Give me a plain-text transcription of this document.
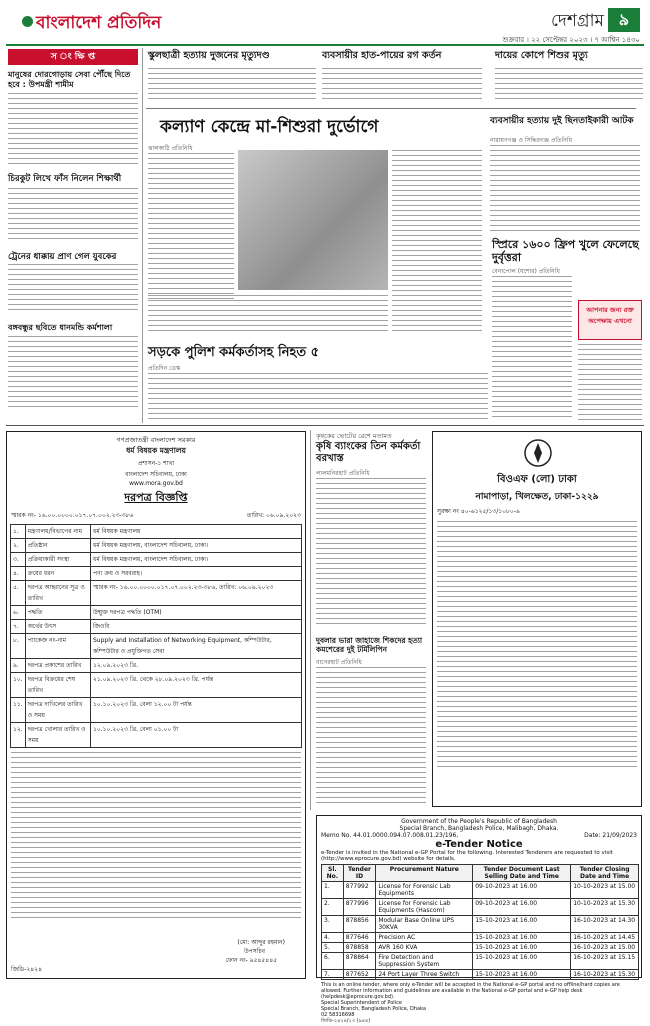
বাংলাদেশ প্রতিদিন	দেশগ্রাম ৯
শুক্রবার । ২২ সেপ্টেম্বর ২০২৩ । ৭ আশ্বিন ১৪৩০
স ং ক্ষি প্ত	স্কুলছাত্রী হত্যায় দুজনের মৃত্যুদণ্ড	ব্যবসায়ীর হাত-পায়ের রগ কর্তন	দায়ের কোপে শিশুর মৃত্যু
মানুষের দোরগোড়ায় সেবা পৌঁছে দিতে হবে : উপমন্ত্রী শামীম
চিরকুট লিখে ফাঁস নিলেন শিক্ষার্থী
ট্রেনের ধাক্কায় প্রাণ গেল যুবকের
বঙ্গবন্ধুর ছবিতে ধানমন্ডি কর্মশালা
কল্যাণ কেন্দ্রে মা-শিশুরা দুর্ভোগে
ঝালকাঠি প্রতিনিধি
ব্যবসায়ীর হত্যায় দুই ছিনতাইকারী আটক
নারায়ণগঞ্জ ও সিদ্ধিরগঞ্জ প্রতিনিধি
স্প্রিরে ১৬০০ ফ্রিপ খুলে ফেলেছে দুর্বৃত্তরা
বেনাপোল (যশোর) প্রতিনিধি
আপনার জন্য রক্ত অপেক্ষায় এখনো
সড়কে পুলিশ কর্মকর্তাসহ নিহত ৫
প্রতিদিন ডেস্ক
গণপ্রজাতন্ত্রী বাংলাদেশ সরকার
ধর্ম বিষয়ক মন্ত্রণালয়
প্রশাসন-১ শাখা
বাংলাদেশ সচিবালয়, ঢাকা
www.mora.gov.bd
দরপত্র বিজ্ঞপ্তি
স্মারক নং- ১৬.০০.০০০০.০১৭.০৭.০০২.২৩-৩৮৬	তারিখ: ০৬.০৯.২০২৩
১.	মন্ত্রণালয়/বিভাগের নাম	ধর্ম বিষয়ক মন্ত্রণালয়
২.	প্রতিষ্ঠান	ধর্ম বিষয়ক মন্ত্রণালয়, বাংলাদেশ সচিবালয়, ঢাকা।
৩.	প্রক্রিয়াকারী সংস্থা	ধর্ম বিষয়ক মন্ত্রণালয়, বাংলাদেশ সচিবালয়, ঢাকা।
৪.	ক্রয়ের ধরন	পণ্য ক্রয় ও সরবরাহ।
৫.	দরপত্র আহ্বানের সূত্র ও তারিখ	স্মারক নং- ১৬.০০.০০০০.০১৭.০৭.০০২.২৩-৩৮৬, তারিখ: ০৬.০৯.২০২৩
৬.	পদ্ধতি	উন্মুক্ত দরপত্র পদ্ধতি (OTM)
৭.	অর্থের উৎস	জিওবি
৮.	প্যাকেজ নং-নাম	Supply and Installation of Networking Equipment, কম্পিউটার, কম্পিউটার ও প্রযুক্তিগত সেবা
৯.	দরপত্র প্রকাশের তারিখ	১২.০৯.২০২৩ খ্রি.
১০.	দরপত্র বিক্রয়ের শেষ তারিখ	২১.০৯.২০২৩ খ্রি. থেকে ২৮.০৯.২০২৩ খ্রি. পর্যন্ত
১১.	দরপত্র দাখিলের তারিখ ও সময়	১০.১০.২০২৩ খ্রি. বেলা ১২.০০ টা পর্যন্ত
১২.	দরপত্র খোলার তারিখ ও সময়	১০.১০.২০২৩ খ্রি. বেলা ০১.০০ টা
(মো: আব্দুর রহমান)
উপসচিব
ফোন নং- ৯৫৪৫৪৪৫
জিডি-২৪২৪
কৃষকের ভোটের রেশে মতামত
কৃষি ব্যাংকের তিন কর্মকর্তা বরখাস্ত
লালমনিরহাট প্রতিনিধি
দুবলার ভারা জাহাজে শিকদের হত্যা কমশেরের দুই টর্মিলিপিন
বাগেরহাট প্রতিনিধি
বিওএফ (লো) ঢাকা
নামাপাড়া, খিলক্ষেত, ঢাকা-১২২৯
সুরক্ষা নং ৪০-৬১২৫/১৩/১০৮০-৯
Government of the People's Republic of Bangladesh
Special Branch, Bangladesh Police, Malibagh, Dhaka.
Memo No. 44.01.0000.094.07.008.01.23/196,	Date: 21/09/2023
e-Tender Notice
e-Tender is invited in the National e-GP Portal for the following. Interested Tenderers are requested to visit (http://www.eprocure.gov.bd) website for details.
Sl. No.	Tender ID	Procurement Nature	Tender Document Last Selling Date and Time	Tender Closing Date and Time
1.	877992	License for Forensic Lab Equipments	09-10-2023 at 16.00	10-10-2023 at 15.00
2.	877996	License for Forensic Lab Equipments (Hascom)	09-10-2023 at 16.00	10-10-2023 at 15.30
3.	878856	Modular Base Online UPS 30KVA	15-10-2023 at 16.00	16-10-2023 at 14.30
4.	877646	Precision AC	15-10-2023 at 16.00	16-10-2023 at 14.45
5.	878858	AVR 160 KVA	15-10-2023 at 16.00	16-10-2023 at 15.00
6.	878864	Fire Detection and Suppression System	15-10-2023 at 16.00	16-10-2023 at 15.15
7.	877652	24 Port Layer Three Switch	15-10-2023 at 16.00	16-10-2023 at 15.30
This is an online tender, where only e-Tender will be accepted in the National e-GP portal and no offline/hard copies are allowed. Further information and guidelines are available in the National e-GP portal and e-GP help desk (helpdesk@eprocure.gov.bd).
Special Superintendent of Police
Special Branch, Bangladesh Police, Dhaka
02 58316698
জিডি-২৪২৪/২৩ (৯৪৪)
